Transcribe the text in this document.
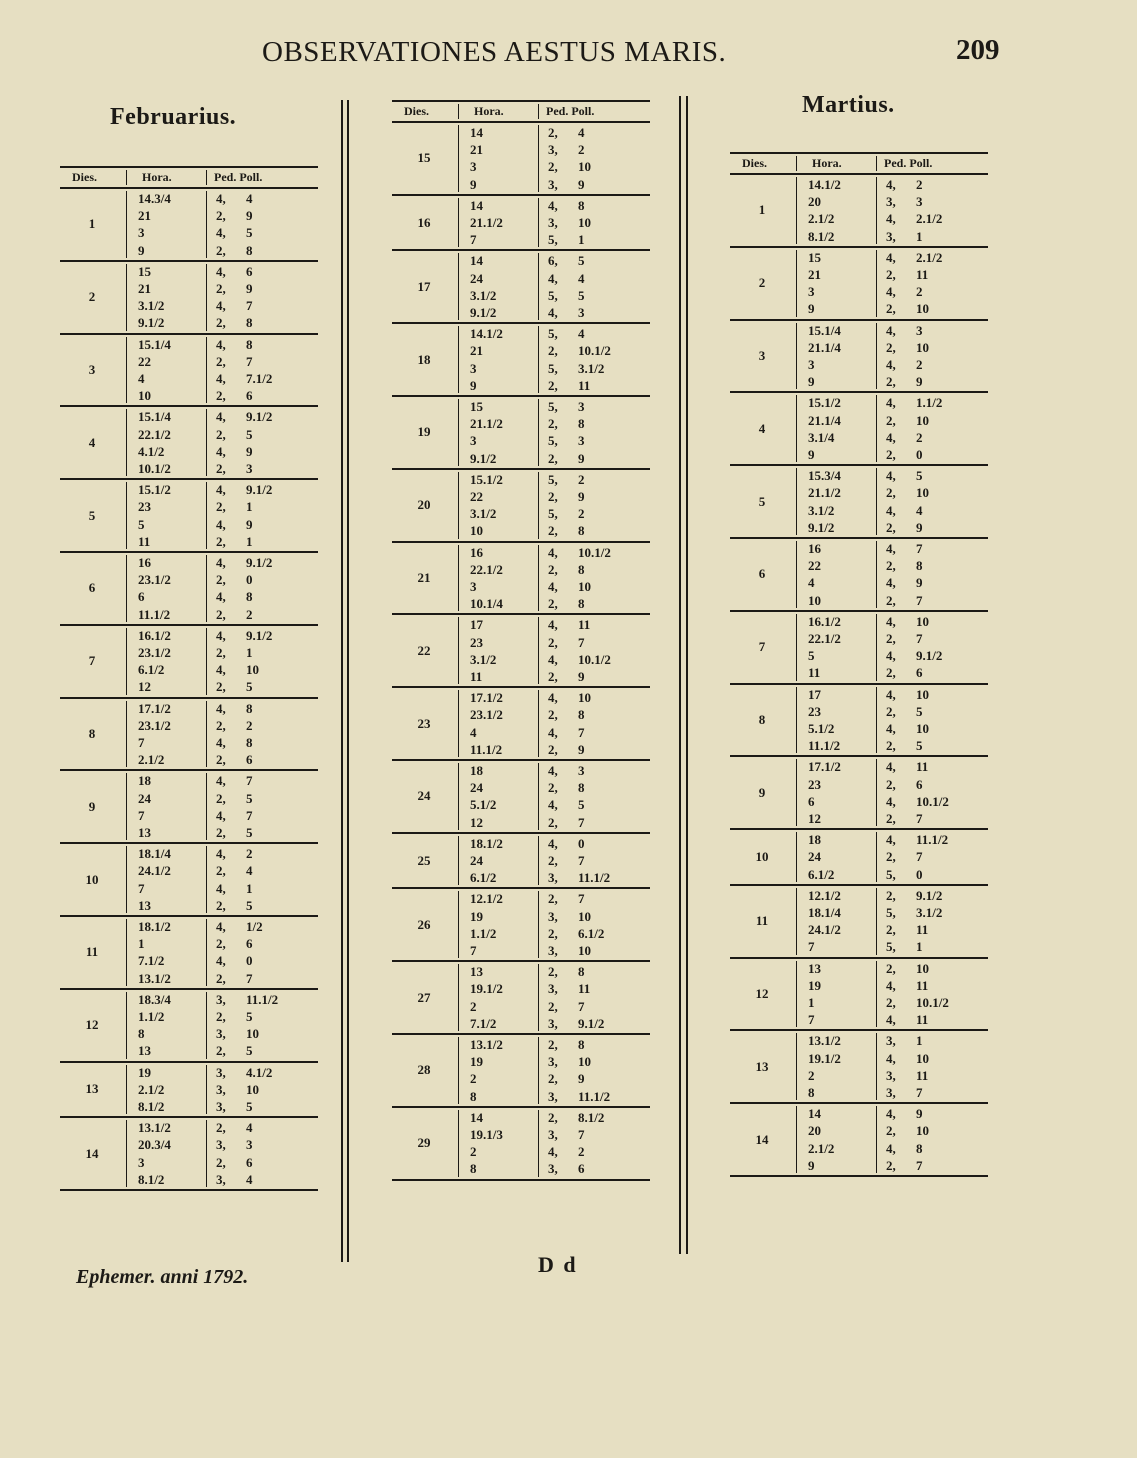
OBSERVATIONES AESTUS MARIS.	209
Februarius.	Martius.
Dies.	Hora.	Ped. Poll.
1
14.3/4	4, 4
21	2, 9
3	4, 5
9	2, 8
2
15	4, 6
21	2, 9
3.1/2	4, 7
9.1/2	2, 8
3
15.1/4	4, 8
22	2, 7
4	4, 7.1/2
10	2, 6
4
15.1/4	4, 9.1/2
22.1/2	2, 5
4.1/2	4, 9
10.1/2	2, 3
5
15.1/2	4, 9.1/2
23	2, 1
5	4, 9
11	2, 1
6
16	4, 9.1/2
23.1/2	2, 0
6	4, 8
11.1/2	2, 2
7
16.1/2	4, 9.1/2
23.1/2	2, 1
6.1/2	4, 10
12	2, 5
8
17.1/2	4, 8
23.1/2	2, 2
7	4, 8
2.1/2	2, 6
9
18	4, 7
24	2, 5
7	4, 7
13	2, 5
10
18.1/4	4, 2
24.1/2	2, 4
7	4, 1
13	2, 5
11
18.1/2	4, 1/2
1	2, 6
7.1/2	4, 0
13.1/2	2, 7
12
18.3/4	3, 11.1/2
1.1/2	2, 5
8	3, 10
13	2, 5
13
19	3, 4.1/2
2.1/2	3, 10
8.1/2	3, 5
14
13.1/2	2, 4
20.3/4	3, 3
3	2, 6
8.1/2	3, 4
Dies.	Hora.	Ped. Poll.
15
14	2, 4
21	3, 2
3	2, 10
9	3, 9
16
14	4, 8
21.1/2	3, 10
7	5, 1
17
14	6, 5
24	4, 4
3.1/2	5, 5
9.1/2	4, 3
18
14.1/2	5, 4
21	2, 10.1/2
3	5, 3.1/2
9	2, 11
19
15	5, 3
21.1/2	2, 8
3	5, 3
9.1/2	2, 9
20
15.1/2	5, 2
22	2, 9
3.1/2	5, 2
10	2, 8
21
16	4, 10.1/2
22.1/2	2, 8
3	4, 10
10.1/4	2, 8
22
17	4, 11
23	2, 7
3.1/2	4, 10.1/2
11	2, 9
23
17.1/2	4, 10
23.1/2	2, 8
4	4, 7
11.1/2	2, 9
24
18	4, 3
24	2, 8
5.1/2	4, 5
12	2, 7
25
18.1/2	4, 0
24	2, 7
6.1/2	3, 11.1/2
26
12.1/2	2, 7
19	3, 10
1.1/2	2, 6.1/2
7	3, 10
27
13	2, 8
19.1/2	3, 11
2	2, 7
7.1/2	3, 9.1/2
28
13.1/2	2, 8
19	3, 10
2	2, 9
8	3, 11.1/2
29
14	2, 8.1/2
19.1/3	3, 7
2	4, 2
8	3, 6
Dies.	Hora.	Ped. Poll.
1
14.1/2	4, 2
20	3, 3
2.1/2	4, 2.1/2
8.1/2	3, 1
2
15	4, 2.1/2
21	2, 11
3	4, 2
9	2, 10
3
15.1/4	4, 3
21.1/4	2, 10
3	4, 2
9	2, 9
4
15.1/2	4, 1.1/2
21.1/4	2, 10
3.1/4	4, 2
9	2, 0
5
15.3/4	4, 5
21.1/2	2, 10
3.1/2	4, 4
9.1/2	2, 9
6
16	4, 7
22	2, 8
4	4, 9
10	2, 7
7
16.1/2	4, 10
22.1/2	2, 7
5	4, 9.1/2
11	2, 6
8
17	4, 10
23	2, 5
5.1/2	4, 10
11.1/2	2, 5
9
17.1/2	4, 11
23	2, 6
6	4, 10.1/2
12	2, 7
10
18	4, 11.1/2
24	2, 7
6.1/2	5, 0
11
12.1/2	2, 9.1/2
18.1/4	5, 3.1/2
24.1/2	2, 11
7	5, 1
12
13	2, 10
19	4, 11
1	2, 10.1/2
7	4, 11
13
13.1/2	3, 1
19.1/2	4, 10
2	3, 11
8	3, 7
14
14	4, 9
20	2, 10
2.1/2	4, 8
9	2, 7
Ephemer. anni 1792.	D d
